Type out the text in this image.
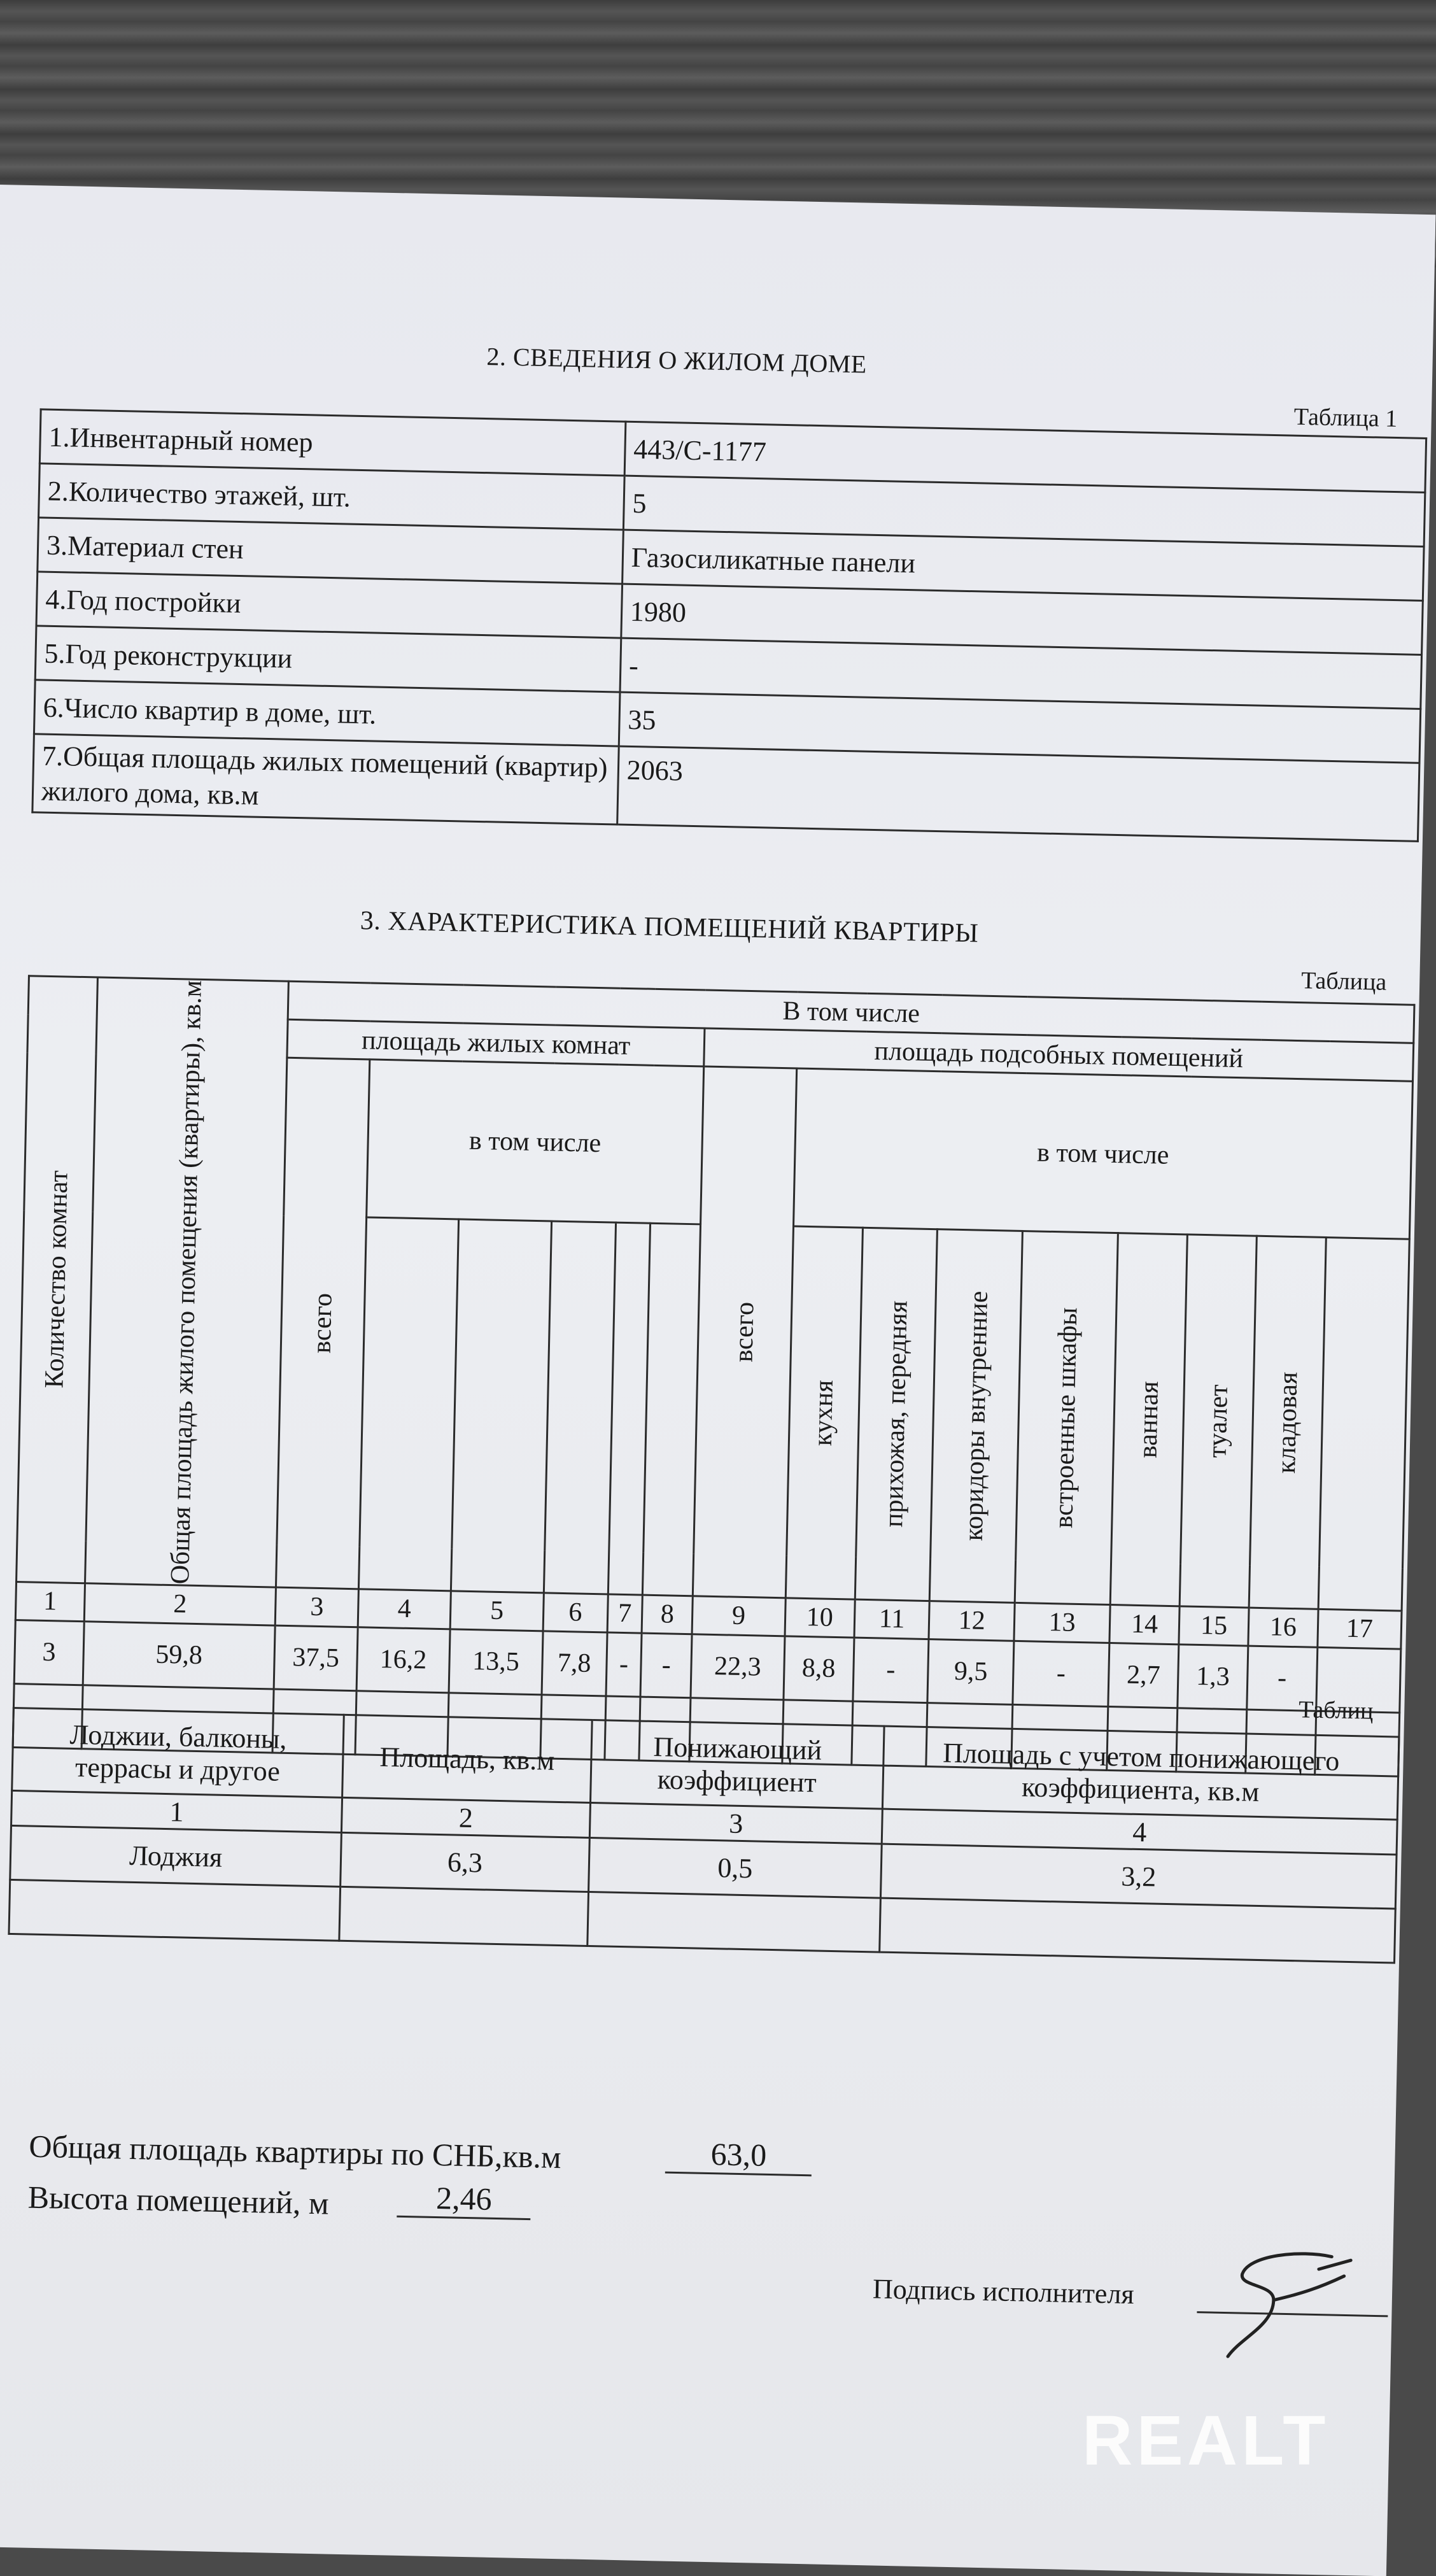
2. СВЕДЕНИЯ О ЖИЛОМ ДОМЕ
Таблица 1
1.Инвентарный номер	443/С-1177
2.Количество этажей, шт.	5
3.Материал стен	Газосиликатные панели
4.Год постройки	1980
5.Год реконструкции	-
6.Число квартир в доме, шт.	35
7.Общая площадь жилых помещений (квартир) жилого дома, кв.м	2063
3. ХАРАКТЕРИСТИКА ПОМЕЩЕНИЙ КВАРТИРЫ
Таблица
Количество комнат	Общая площадь жилого помещения (квартиры), кв.м	В том числе														
		площадь жилых комнат						площадь подсобных помещений								

		всего	в том числе					всего	в том числе							

									кухня	прихожая, передняя	коридоры внутренние	встроенные шкафы	ванная	туалет	кладовая	

1	2	3	4	5	6	7	8	9	10	11	12	13	14	15	16	17
3	59,8	37,5	16,2	13,5	7,8	-	-	22,3	8,8	-	9,5	-	2,7	1,3	-	

Таблиц
Лоджии, балконы, террасы и другое	Площадь, кв.м	Понижающий коэффициент	Площадь с учетом понижающего коэффициента, кв.м
1	2	3	4
Лоджия	6,3	0,5	3,2

Общая площадь квартиры по СНБ,кв.м	63,0
Высота помещений, м	2,46
Подпись исполнителя
REALT
